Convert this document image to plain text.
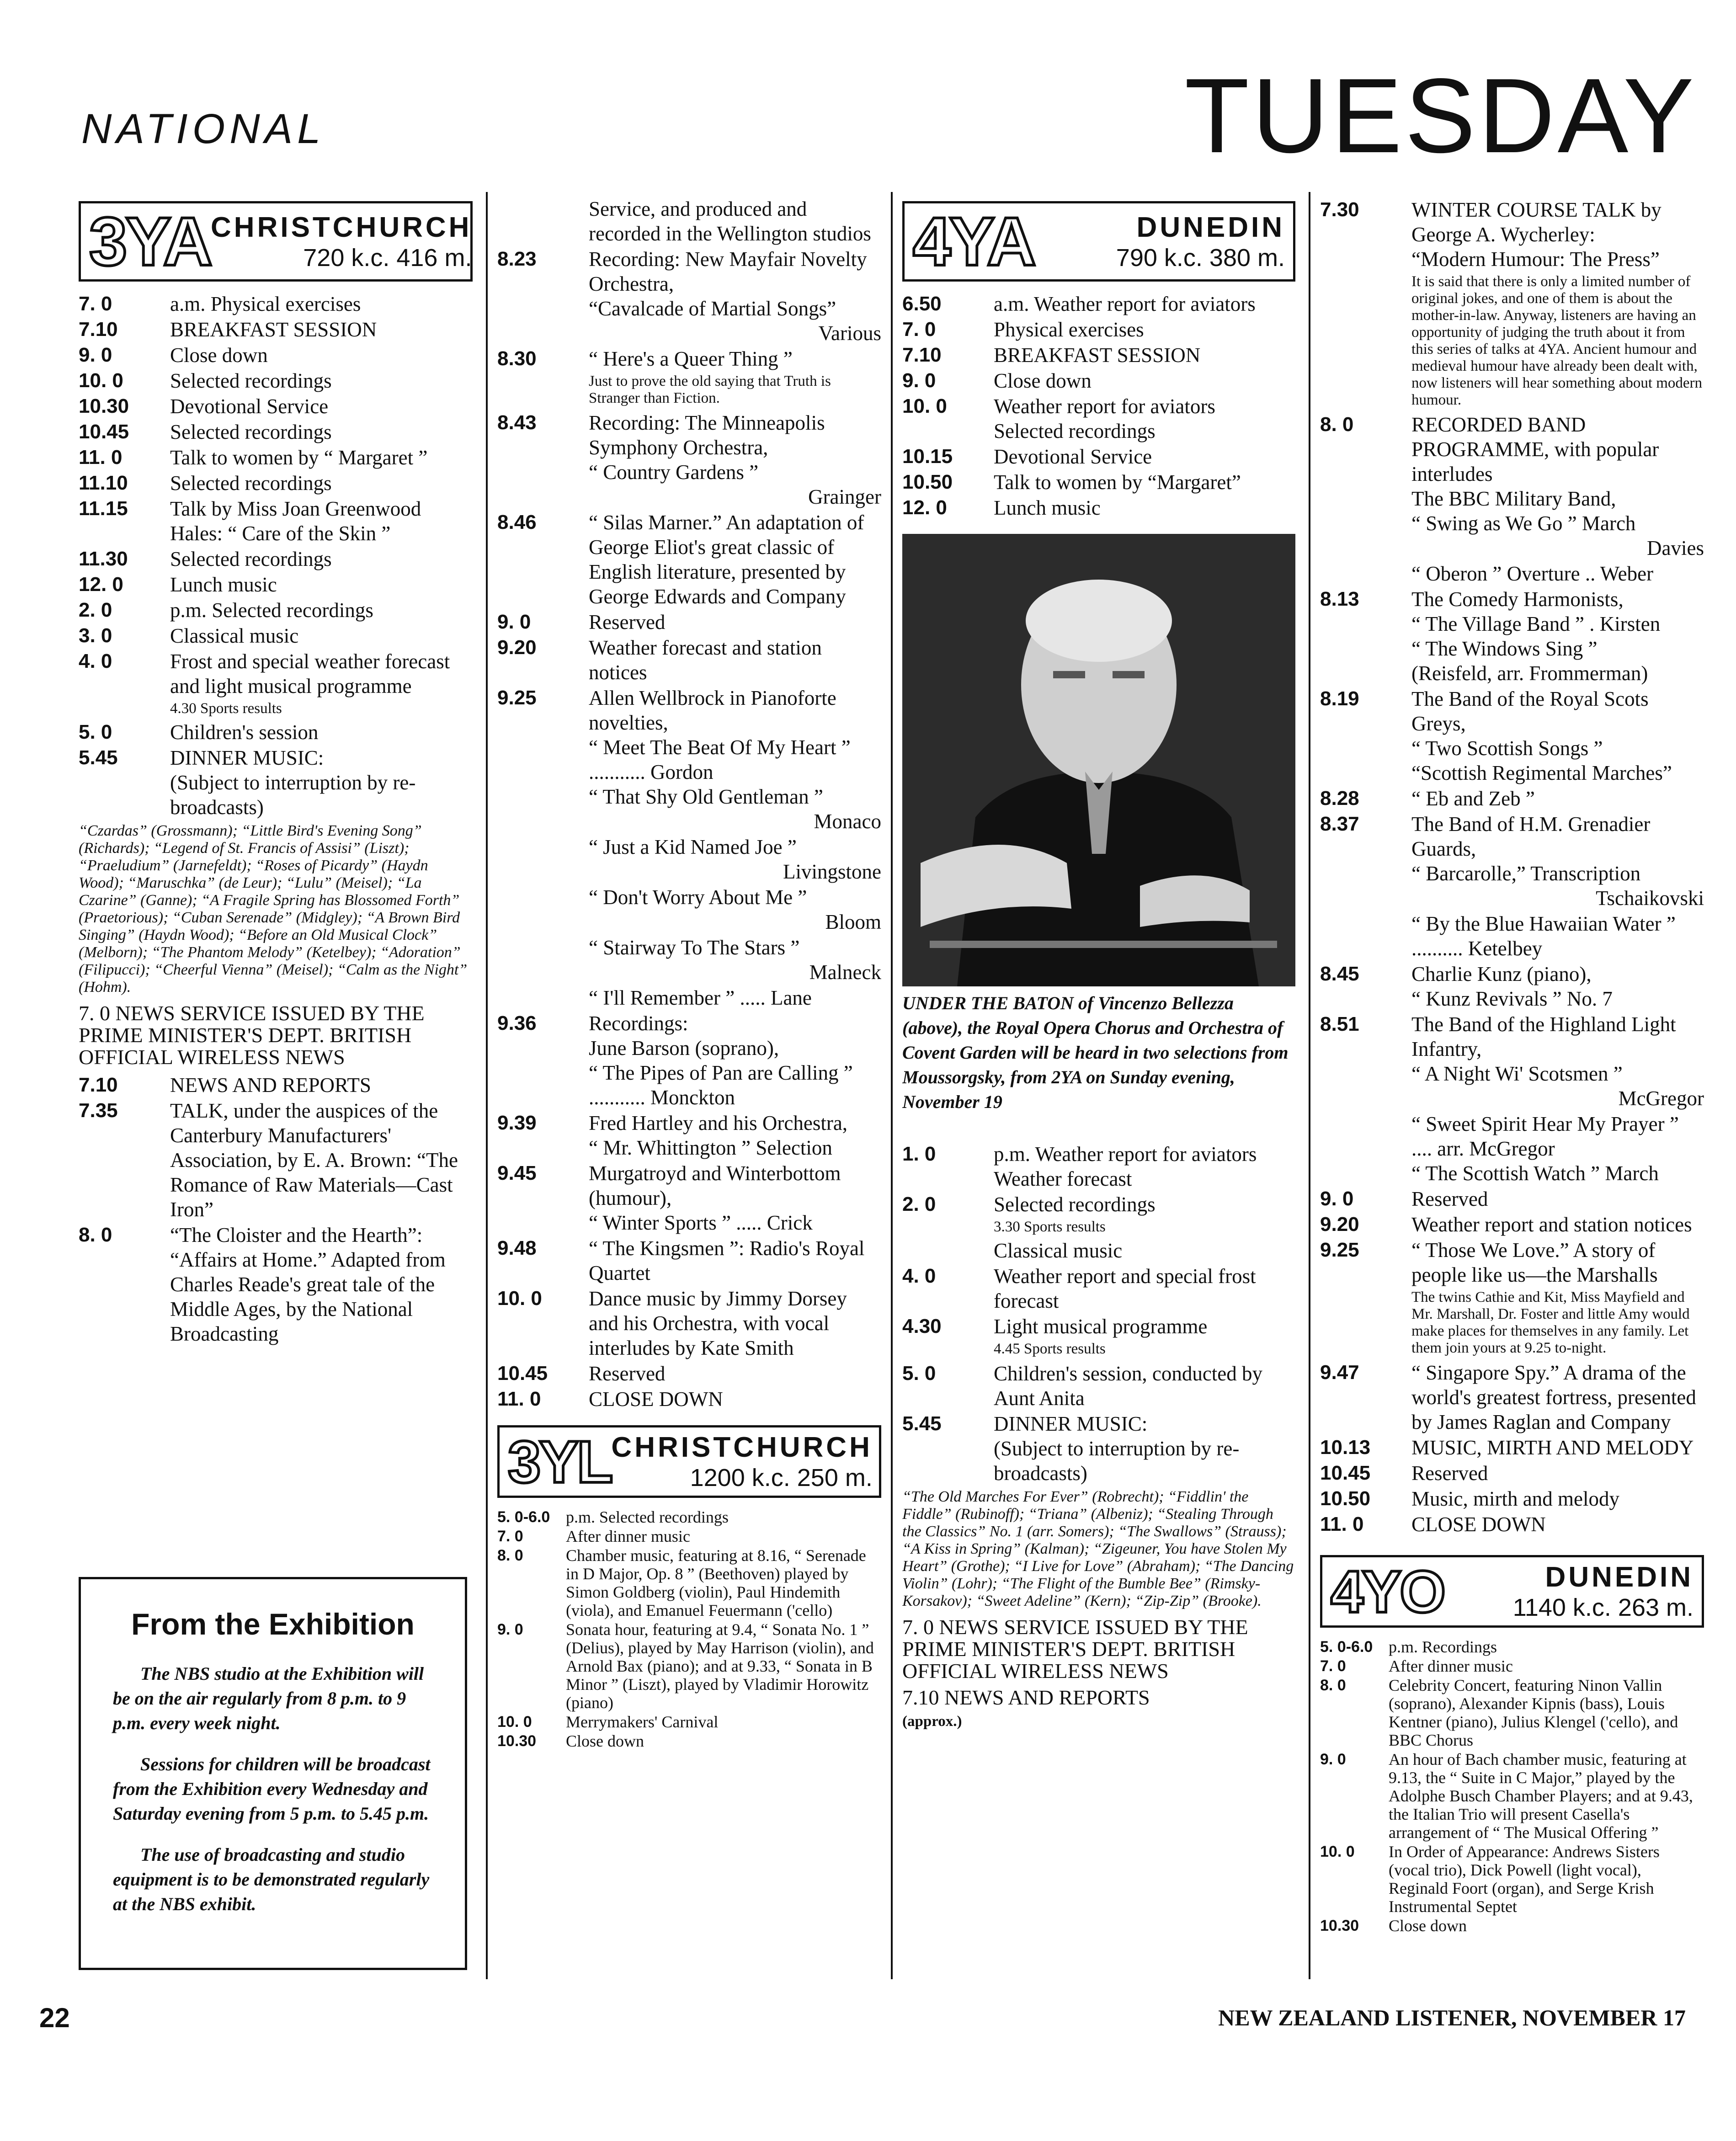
NATIONAL	TUESDAY
3YA CHRISTCHURCH
720 k.c. 416 m.
7. 0	a.m. Physical exercises
7.10	BREAKFAST SESSION
9. 0	Close down
10. 0	Selected recordings
10.30	Devotional Service
10.45	Selected recordings
11. 0	Talk to women by “ Margaret ”
11.10	Selected recordings
11.15	Talk by Miss Joan Greenwood Hales: “ Care of the Skin ”
11.30	Selected recordings
12. 0	Lunch music
2. 0	p.m. Selected recordings
3. 0	Classical music
4. 0	Frost and special weather forecast and light musical programme
4.30 Sports results
5. 0	Children's session
5.45	DINNER MUSIC:
(Subject to interruption by re-broadcasts)
“Czardas” (Grossmann); “Little Bird's Evening Song” (Richards); “Legend of St. Francis of Assisi” (Liszt); “Praeludium” (Jarnefeldt); “Roses of Picardy” (Haydn Wood); “Maruschka” (de Leur); “Lulu” (Meisel); “La Czarine” (Ganne); “A Fragile Spring has Blossomed Forth” (Praetorious); “Cuban Serenade” (Midgley); “A Brown Bird Singing” (Haydn Wood); “Before an Old Musical Clock” (Melborn); “The Phantom Melody” (Ketelbey); “Adoration” (Filipucci); “Cheerful Vienna” (Meisel); “Calm as the Night” (Hohm).
7. 0 NEWS SERVICE ISSUED BY THE PRIME MINISTER'S DEPT. BRITISH OFFICIAL WIRELESS NEWS
7.10	NEWS AND REPORTS
7.35	TALK, under the auspices of the Canterbury Manufacturers' Association, by E. A. Brown: “The Romance of Raw Materials—Cast Iron”
8. 0	“The Cloister and the Hearth”: “Affairs at Home.” Adapted from Charles Reade's great tale of the Middle Ages, by the National Broadcasting
From the Exhibition

The NBS studio at the Exhibition will be on the air regularly from 8 p.m. to 9 p.m. every week night.

Sessions for children will be broadcast from the Exhibition every Wednesday and Saturday evening from 5 p.m. to 5.45 p.m.

The use of broadcasting and studio equipment is to be demonstrated regularly at the NBS exhibit.

Service, and produced and recorded in the Wellington studios
8.23	Recording: New Mayfair Novelty Orchestra,
“Cavalcade of Martial Songs”
Various
8.30	“ Here's a Queer Thing ”
Just to prove the old saying that Truth is Stranger than Fiction.
8.43	Recording: The Minneapolis Symphony Orchestra,
“ Country Gardens ”
Grainger
8.46	“ Silas Marner.” An adaptation of George Eliot's great classic of English literature, presented by George Edwards and Company
9. 0	Reserved
9.20	Weather forecast and station notices
9.25	Allen Wellbrock in Pianoforte novelties,
“ Meet The Beat Of My Heart ” ........... Gordon
“ That Shy Old Gentleman ”
Monaco
“ Just a Kid Named Joe ”
Livingstone
“ Don't Worry About Me ”
Bloom
“ Stairway To The Stars ”
Malneck
“ I'll Remember ” ..... Lane
9.36	Recordings:
June Barson (soprano),
“ The Pipes of Pan are Calling ” ........... Monckton
9.39	Fred Hartley and his Orchestra,
“ Mr. Whittington ” Selection
9.45	Murgatroyd and Winterbottom (humour),
“ Winter Sports ” ..... Crick
9.48	“ The Kingsmen ”: Radio's Royal Quartet
10. 0	Dance music by Jimmy Dorsey and his Orchestra, with vocal interludes by Kate Smith
10.45	Reserved
11. 0	CLOSE DOWN
3YL CHRISTCHURCH
1200 k.c. 250 m.
5. 0-6.0 p.m. Selected recordings
7. 0	After dinner music
8. 0	Chamber music, featuring at 8.16, “ Serenade in D Major, Op. 8 ” (Beethoven) played by Simon Goldberg (violin), Paul Hindemith (viola), and Emanuel Feuermann ('cello)
9. 0	Sonata hour, featuring at 9.4, “ Sonata No. 1 ” (Delius), played by May Harrison (violin), and Arnold Bax (piano); and at 9.33, “ Sonata in B Minor ” (Liszt), played by Vladimir Horowitz (piano)
10. 0	Merrymakers' Carnival
10.30	Close down
4YA	DUNEDIN
790 k.c. 380 m.
6.50	a.m. Weather report for aviators
7. 0	Physical exercises
7.10	BREAKFAST SESSION
9. 0	Close down
10. 0	Weather report for aviators
Selected recordings
10.15	Devotional Service
10.50	Talk to women by “Margaret”
12. 0	Lunch music
UNDER THE BATON of Vincenzo Bellezza (above), the Royal Opera Chorus and Orchestra of Covent Garden will be heard in two selections from Moussorgsky, from 2YA on Sunday evening, November 19
1. 0	p.m. Weather report for aviators
Weather forecast
2. 0	Selected recordings
3.30 Sports results
Classical music
4. 0	Weather report and special frost forecast
4.30	Light musical programme
4.45 Sports results
5. 0	Children's session, conducted by Aunt Anita
5.45	DINNER MUSIC:
(Subject to interruption by re-broadcasts)
“The Old Marches For Ever” (Robrecht); “Fiddlin' the Fiddle” (Rubinoff); “Triana” (Albeniz); “Stealing Through the Classics” No. 1 (arr. Somers); “The Swallows” (Strauss); “A Kiss in Spring” (Kalman); “Zigeuner, You have Stolen My Heart” (Grothe); “I Live for Love” (Abraham); “The Dancing Violin” (Lohr); “The Flight of the Bumble Bee” (Rimsky-Korsakov); “Sweet Adeline” (Kern); “Zip-Zip” (Brooke).
7. 0 NEWS SERVICE ISSUED BY THE PRIME MINISTER'S DEPT. BRITISH OFFICIAL WIRELESS NEWS
7.10 NEWS AND REPORTS
(approx.)
7.30	WINTER COURSE TALK by George A. Wycherley:
“Modern Humour: The Press”
It is said that there is only a limited number of original jokes, and one of them is about the mother-in-law. Anyway, listeners are having an opportunity of judging the truth about it from this series of talks at 4YA. Ancient humour and medieval humour have already been dealt with, now listeners will hear something about modern humour.
8. 0	RECORDED BAND PROGRAMME, with popular interludes
The BBC Military Band,
“ Swing as We Go ” March
Davies
“ Oberon ” Overture .. Weber
8.13	The Comedy Harmonists,
“ The Village Band ” . Kirsten
“ The Windows Sing ”
(Reisfeld, arr. Frommerman)
8.19	The Band of the Royal Scots Greys,
“ Two Scottish Songs ”
“Scottish Regimental Marches”
8.28	“ Eb and Zeb ”
8.37	The Band of H.M. Grenadier Guards,
“ Barcarolle,” Transcription
Tschaikovski
“ By the Blue Hawaiian Water ” .......... Ketelbey
8.45	Charlie Kunz (piano),
“ Kunz Revivals ” No. 7
8.51	The Band of the Highland Light Infantry,
“ A Night Wi' Scotsmen ”
McGregor
“ Sweet Spirit Hear My Prayer ” .... arr. McGregor
“ The Scottish Watch ” March
9. 0	Reserved
9.20	Weather report and station notices
9.25	“ Those We Love.” A story of people like us—the Marshalls
The twins Cathie and Kit, Miss Mayfield and Mr. Marshall, Dr. Foster and little Amy would make places for themselves in any family. Let them join yours at 9.25 to-night.
9.47	“ Singapore Spy.” A drama of the world's greatest fortress, presented by James Raglan and Company
10.13	MUSIC, MIRTH AND MELODY
10.45	Reserved
10.50	Music, mirth and melody
11. 0	CLOSE DOWN
4YO	DUNEDIN
1140 k.c. 263 m.
5. 0-6.0 p.m. Recordings
7. 0	After dinner music
8. 0	Celebrity Concert, featuring Ninon Vallin (soprano), Alexander Kipnis (bass), Louis Kentner (piano), Julius Klengel ('cello), and BBC Chorus
9. 0	An hour of Bach chamber music, featuring at 9.13, the “ Suite in C Major,” played by the Adolphe Busch Chamber Players; and at 9.43, the Italian Trio will present Casella's arrangement of “ The Musical Offering ”
10. 0	In Order of Appearance: Andrews Sisters (vocal trio), Dick Powell (light vocal), Reginald Foort (organ), and Serge Krish Instrumental Septet
10.30	Close down
22	NEW ZEALAND LISTENER, NOVEMBER 17
